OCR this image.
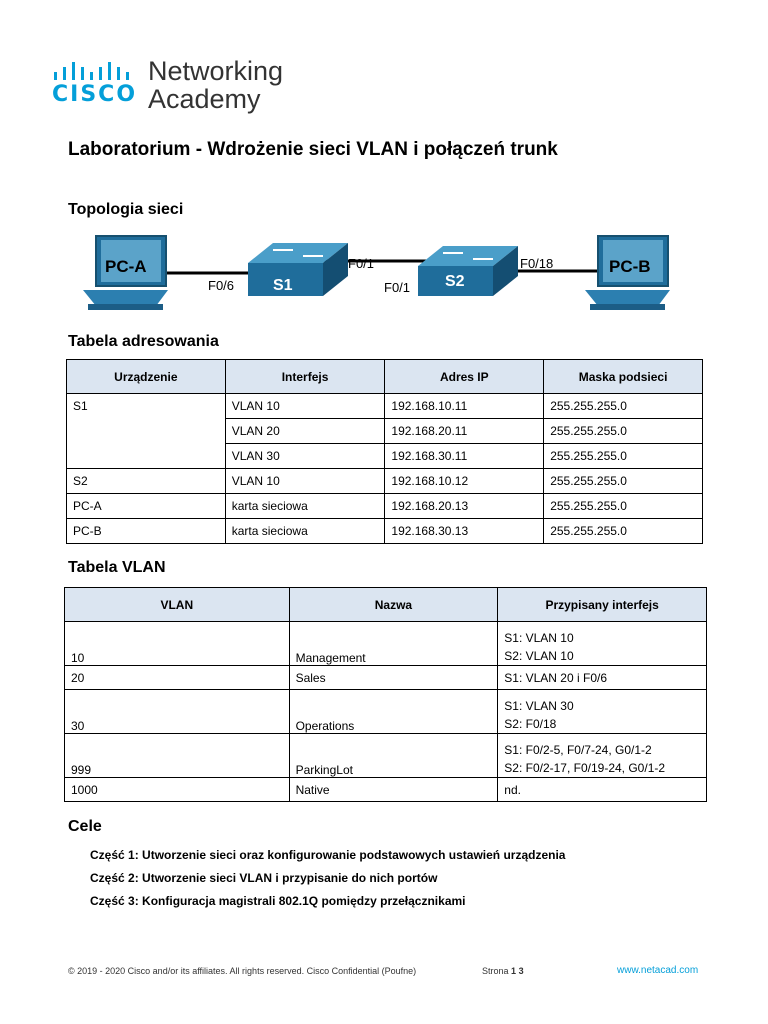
CISCO
Networking
Academy
Laboratorium - Wdrożenie sieci VLAN i połączeń trunk
Topologia sieci
PC-A
S1	S2
PC-B
F0/6
F0/1
F0/1
F0/18
Tabela adresowania
Urządzenie	Interfejs	Adres IP	Maska podsieci
S1	VLAN 10	192.168.10.11	255.255.255.0
	VLAN 20	192.168.20.11	255.255.255.0
	VLAN 30	192.168.30.11	255.255.255.0
S2	VLAN 10	192.168.10.12	255.255.255.0
PC-A	karta sieciowa	192.168.20.13	255.255.255.0
PC-B	karta sieciowa	192.168.30.13	255.255.255.0
Tabela VLAN
VLAN	Nazwa	Przypisany interfejs
10	Management	S1: VLAN 10
S2: VLAN 10

20	Sales	S1: VLAN 20 i F0/6
30	Operations	S1: VLAN 30
S2: F0/18

999	ParkingLot	S1: F0/2-5, F0/7-24, G0/1-2
S2: F0/2-17, F0/19-24, G0/1-2

1000	Native	nd.
Cele
Część 1: Utworzenie sieci oraz konfigurowanie podstawowych ustawień urządzenia
Część 2: Utworzenie sieci VLAN i przypisanie do nich portów
Część 3: Konfiguracja magistrali 802.1Q pomiędzy przełącznikami
© 2019 - 2020 Cisco and/or its affiliates. All rights reserved. Cisco Confidential (Poufne)	Strona 1 3	www.netacad.com
